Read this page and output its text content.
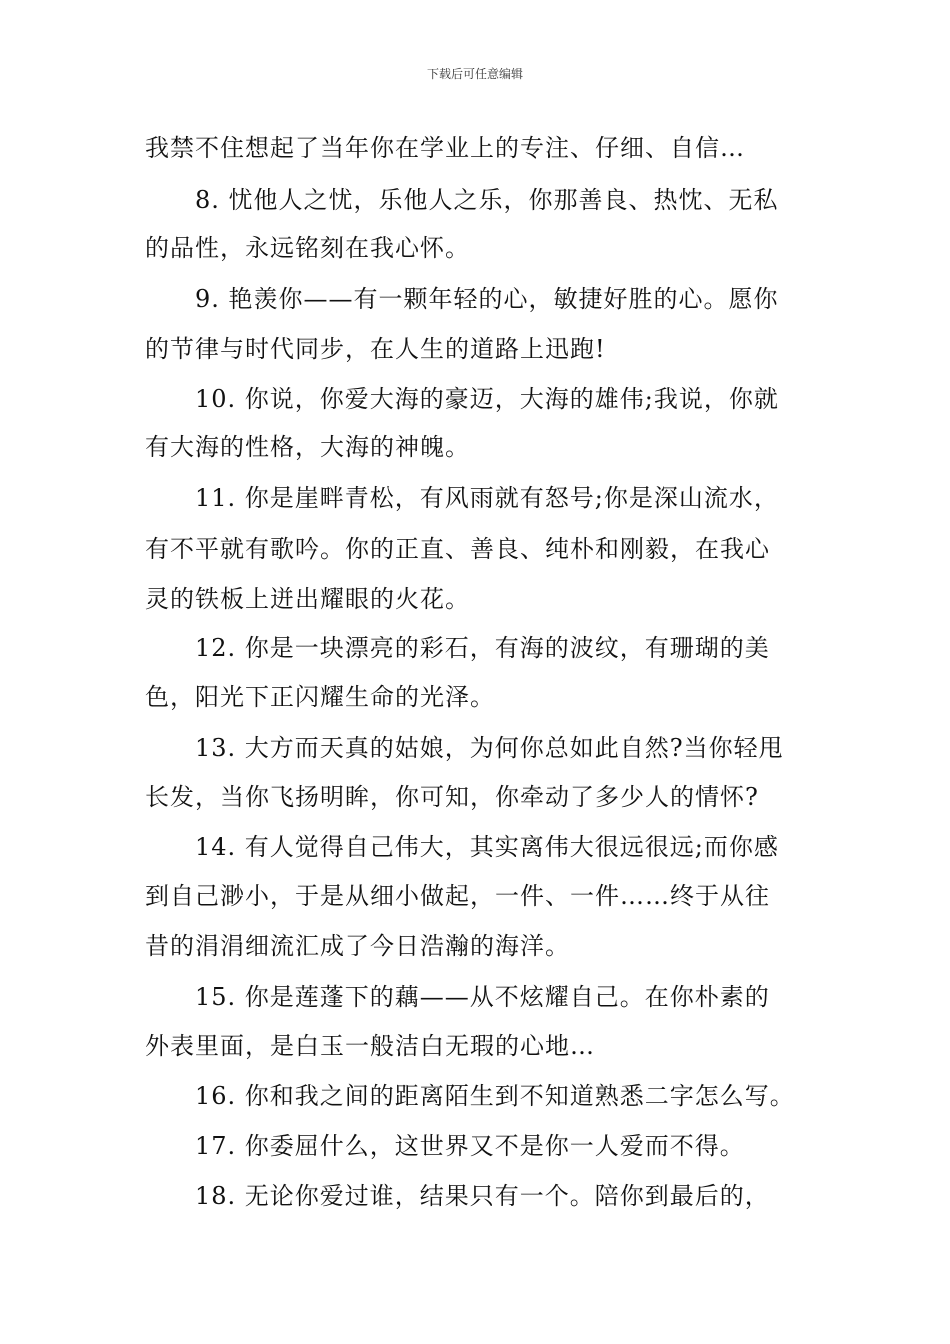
下载后可任意编辑
我禁不住想起了当年你在学业上的专注、仔细、自信…
8. 忧他人之忧，乐他人之乐，你那善良、热忱、无私
的品性，永远铭刻在我心怀。
9. 艳羡你——有一颗年轻的心，敏捷好胜的心。愿你
的节律与时代同步，在人生的道路上迅跑!
10. 你说，你爱大海的豪迈，大海的雄伟;我说，你就
有大海的性格，大海的神魄。
11. 你是崖畔青松，有风雨就有怒号;你是深山流水，
有不平就有歌吟。你的正直、善良、纯朴和刚毅，在我心
灵的铁板上迸出耀眼的火花。
12. 你是一块漂亮的彩石，有海的波纹，有珊瑚的美
色，阳光下正闪耀生命的光泽。
13. 大方而天真的姑娘，为何你总如此自然?当你轻甩
长发，当你飞扬明眸，你可知，你牵动了多少人的情怀?
14. 有人觉得自己伟大，其实离伟大很远很远;而你感
到自己渺小，于是从细小做起，一件、一件……终于从往
昔的涓涓细流汇成了今日浩瀚的海洋。
15. 你是莲蓬下的藕——从不炫耀自己。在你朴素的
外表里面，是白玉一般洁白无瑕的心地…
16. 你和我之间的距离陌生到不知道熟悉二字怎么写。
17. 你委屈什么，这世界又不是你一人爱而不得。
18. 无论你爱过谁，结果只有一个。陪你到最后的，
